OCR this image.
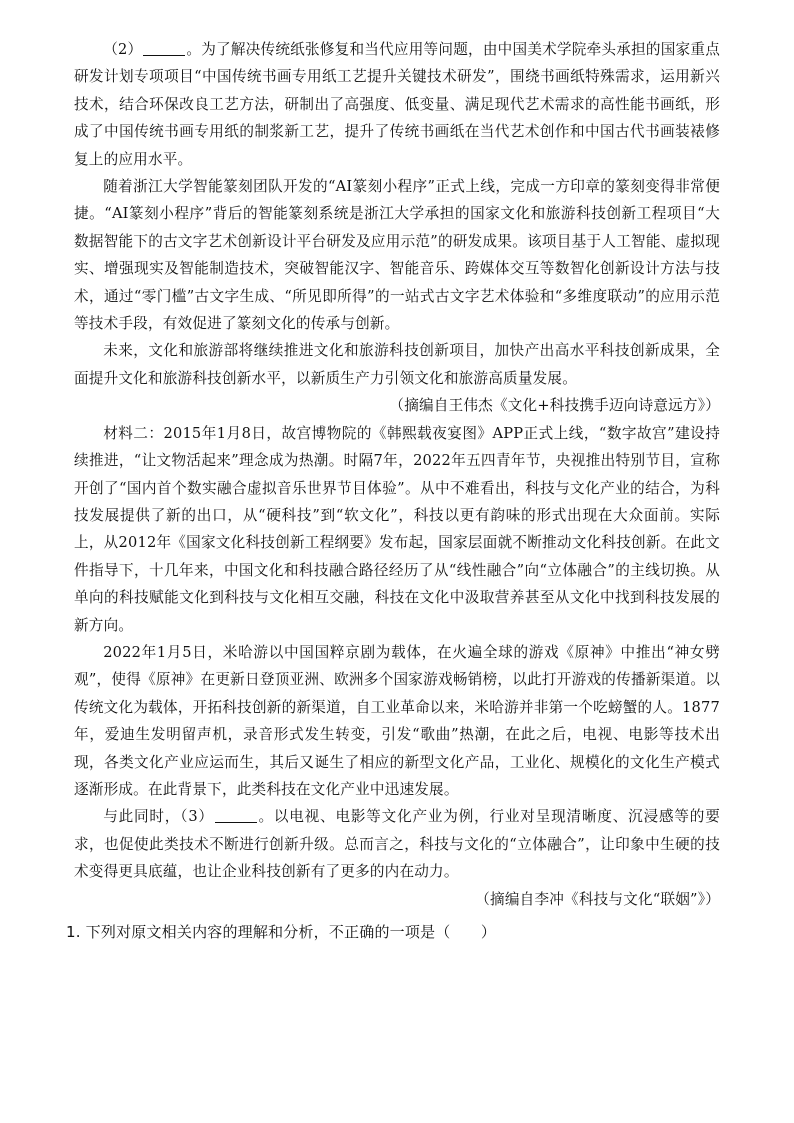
（2）	。为了解决传统纸张修复和当代应用等问题，由中国美术学院牵头承担的国家重点研发计划专项项目“中国传统书画专用纸工艺提升关键技术研发”，围绕书画纸特殊需求，运用新兴技术，结合环保改良工艺方法，研制出了高强度、低变量、满足现代艺术需求的高性能书画纸，形成了中国传统书画专用纸的制浆新工艺，提升了传统书画纸在当代艺术创作和中国古代书画装裱修复上的应用水平。

随着浙江大学智能篆刻团队开发的“AI篆刻小程序”正式上线，完成一方印章的篆刻变得非常便捷。“AI篆刻小程序”背后的智能篆刻系统是浙江大学承担的国家文化和旅游科技创新工程项目“大数据智能下的古文字艺术创新设计平台研发及应用示范”的研发成果。该项目基于人工智能、虚拟现实、增强现实及智能制造技术，突破智能汉字、智能音乐、跨媒体交互等数智化创新设计方法与技术，通过“零门槛”古文字生成、“所见即所得”的一站式古文字艺术体验和“多维度联动”的应用示范等技术手段，有效促进了篆刻文化的传承与创新。

未来，文化和旅游部将继续推进文化和旅游科技创新项目，加快产出高水平科技创新成果，全面提升文化和旅游科技创新水平，以新质生产力引领文化和旅游高质量发展。

（摘编自王伟杰《文化+科技携手迈向诗意远方》）

材料二：2015年1月8日，故宫博物院的《韩熙载夜宴图》APP正式上线，“数字故宫”建设持续推进，“让文物活起来”理念成为热潮。时隔7年，2022年五四青年节，央视推出特别节目，宣称开创了“国内首个数实融合虚拟音乐世界节目体验”。从中不难看出，科技与文化产业的结合，为科技发展提供了新的出口，从“硬科技”到“软文化”，科技以更有韵味的形式出现在大众面前。实际上，从2012年《国家文化科技创新工程纲要》发布起，国家层面就不断推动文化科技创新。在此文件指导下，十几年来，中国文化和科技融合路径经历了从“线性融合”向“立体融合”的主线切换。从单向的科技赋能文化到科技与文化相互交融，科技在文化中汲取营养甚至从文化中找到科技发展的新方向。

2022年1月5日，米哈游以中国国粹京剧为载体，在火遍全球的游戏《原神》中推出“神女劈观”，使得《原神》在更新日登顶亚洲、欧洲多个国家游戏畅销榜，以此打开游戏的传播新渠道。以传统文化为载体，开拓科技创新的新渠道，自工业革命以来，米哈游并非第一个吃螃蟹的人。1877年，爱迪生发明留声机，录音形式发生转变，引发“歌曲”热潮，在此之后，电视、电影等技术出现，各类文化产业应运而生，其后又诞生了相应的新型文化产品，工业化、规模化的文化生产模式逐渐形成。在此背景下，此类科技在文化产业中迅速发展。

与此同时，（3）	。以电视、电影等文化产业为例，行业对呈现清晰度、沉浸感等的要求，也促使此类技术不断进行创新升级。总而言之，科技与文化的“立体融合”，让印象中生硬的技术变得更具底蕴，也让企业科技创新有了更多的内在动力。

（摘编自李冲《科技与文化“联姻”》）

1. 下列对原文相关内容的理解和分析，不正确的一项是（　　）
